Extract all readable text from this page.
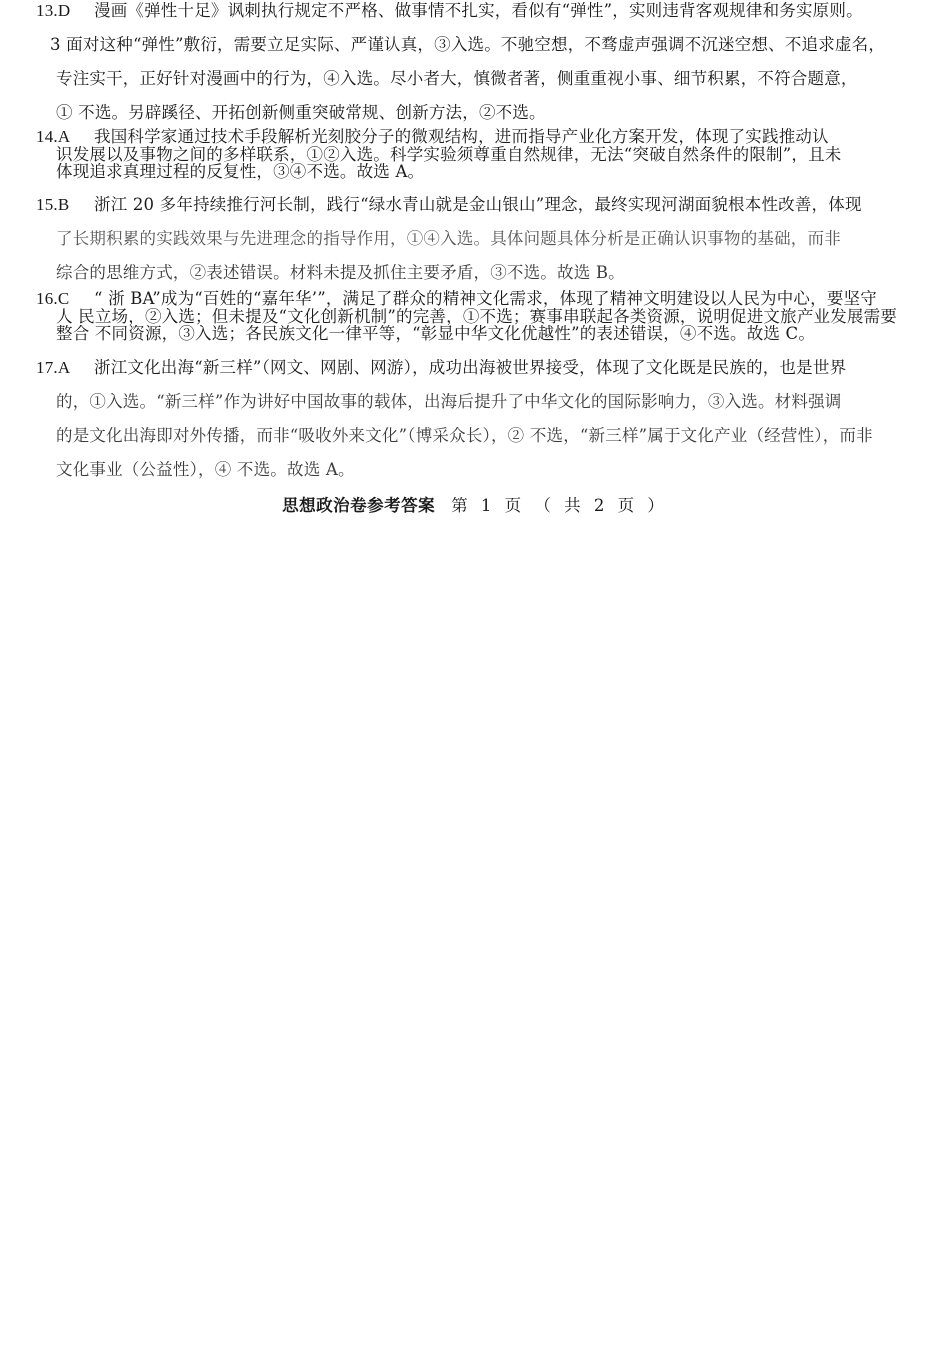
13.D 漫画《弹性十足》讽刺执行规定不严格、做事情不扎实，看似有“弹性”，实则违背客观规律和务实原则。
3 面对这种“弹性”敷衍，需要立足实际、严谨认真，③入选。不驰空想，不骛虚声强调不沉迷空想、不追求虚名，
专注实干，正好针对漫画中的行为，④入选。尽小者大，慎微者著，侧重重视小事、细节积累，不符合题意，
① 不选。另辟蹊径、开拓创新侧重突破常规、创新方法，②不选。
14.A 我国科学家通过技术手段解析光刻胶分子的微观结构，进而指导产业化方案开发，体现了实践推动认
识发展以及事物之间的多样联系，①②入选。科学实验须尊重自然规律，无法“突破自然条件的限制”，且未
体现追求真理过程的反复性，③④不选。故选 A。
15.B 浙江 20 多年持续推行河长制，践行“绿水青山就是金山银山”理念，最终实现河湖面貌根本性改善，体现
了长期积累的实践效果与先进理念的指导作用，①④入选。具体问题具体分析是正确认识事物的基础，而非
综合的思维方式，②表述错误。材料未提及抓住主要矛盾，③不选。故选 B。
16.C “ 浙 BA”成为“百姓的“嘉年华’”，满足了群众的精神文化需求，体现了精神文明建设以人民为中心，要坚守
人 民立场，②入选；但未提及“文化创新机制”的完善，①不选；赛事串联起各类资源，说明促进文旅产业发展需要
整合 不同资源，③入选；各民族文化一律平等，“彰显中华文化优越性”的表述错误，④不选。故选 C。
17.A 浙江文化出海“新三样”（网文、网剧、网游），成功出海被世界接受，体现了文化既是民族的，也是世界
的，①入选。“新三样”作为讲好中国故事的载体，出海后提升了中华文化的国际影响力，③入选。材料强调
的是文化出海即对外传播，而非“吸收外来文化”（博采众长），② 不选，“新三样”属于文化产业（经营性），而非
文化事业（公益性），④ 不选。故选 A。
思想政治卷参考答案 第 1 页 （ 共 2 页 ）
